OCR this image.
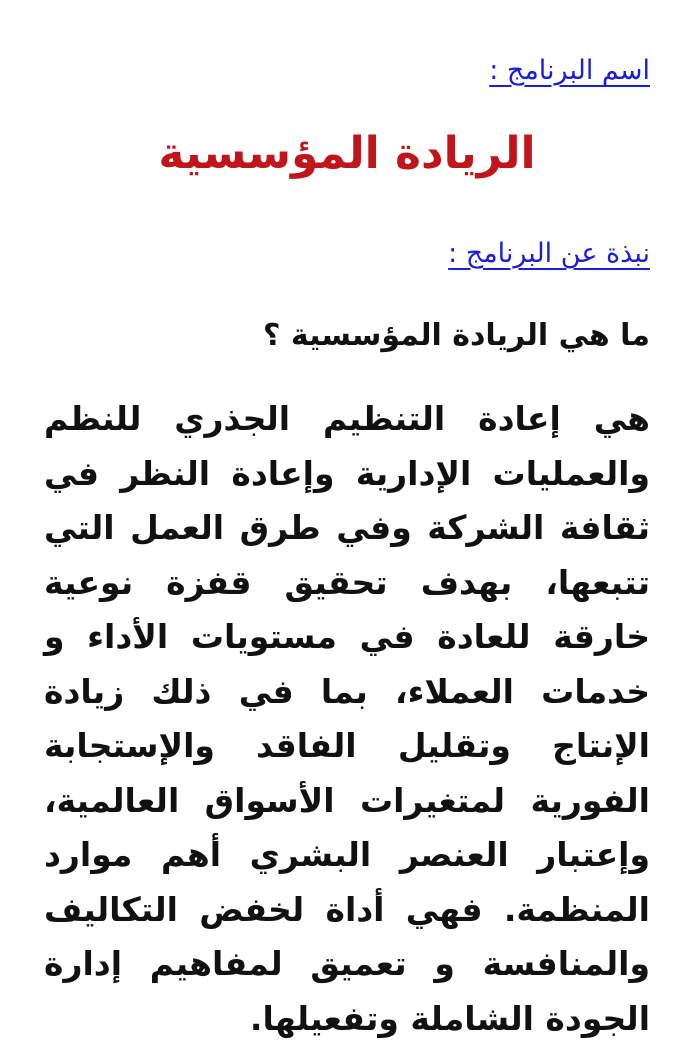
اسم البرنامج :
الريادة المؤسسية
نبذة عن البرنامج :
ما هي الريادة المؤسسية ؟

هي إعادة التنظيم الجذري للنظم والعمليات الإدارية وإعادة النظر في ثقافة الشركة وفي طرق العمل التي تتبعها، بهدف تحقيق قفزة نوعية خارقة للعادة في مستويات الأداء و خدمات العملاء، بما في ذلك زيادة الإنتاج وتقليل الفاقد والإستجابة الفورية لمتغيرات الأسواق العالمية، وإعتبار العنصر البشري أهم موارد المنظمة. فهي أداة لخفض التكاليف والمنافسة و تعميق لمفاهيم إدارة الجودة الشاملة وتفعيلها.
